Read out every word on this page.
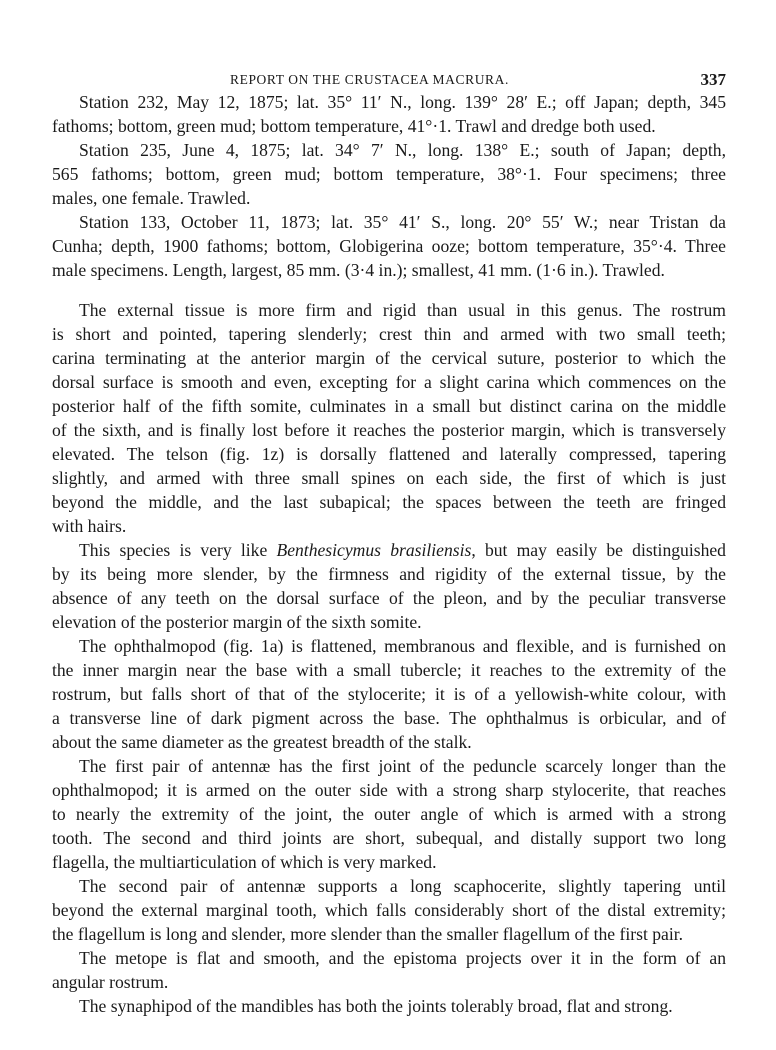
REPORT ON THE CRUSTACEA MACRURA.	337
Station 232, May 12, 1875; lat. 35° 11′ N., long. 139° 28′ E.; off Japan; depth, 345
fathoms; bottom, green mud; bottom temperature, 41°·1. Trawl and dredge both used.
Station 235, June 4, 1875; lat. 34° 7′ N., long. 138° E.; south of Japan; depth,
565 fathoms; bottom, green mud; bottom temperature, 38°·1. Four specimens; three
males, one female. Trawled.
Station 133, October 11, 1873; lat. 35° 41′ S., long. 20° 55′ W.; near Tristan da
Cunha; depth, 1900 fathoms; bottom, Globigerina ooze; bottom temperature, 35°·4. Three
male specimens. Length, largest, 85 mm. (3·4 in.); smallest, 41 mm. (1·6 in.). Trawled.
The external tissue is more firm and rigid than usual in this genus. The rostrum
is short and pointed, tapering slenderly; crest thin and armed with two small teeth;
carina terminating at the anterior margin of the cervical suture, posterior to which the
dorsal surface is smooth and even, excepting for a slight carina which commences on the
posterior half of the fifth somite, culminates in a small but distinct carina on the middle
of the sixth, and is finally lost before it reaches the posterior margin, which is transversely
elevated. The telson (fig. 1z) is dorsally flattened and laterally compressed, tapering
slightly, and armed with three small spines on each side, the first of which is just
beyond the middle, and the last subapical; the spaces between the teeth are fringed
with hairs.
This species is very like Benthesicymus brasiliensis, but may easily be distinguished
by its being more slender, by the firmness and rigidity of the external tissue, by the
absence of any teeth on the dorsal surface of the pleon, and by the peculiar transverse
elevation of the posterior margin of the sixth somite.
The ophthalmopod (fig. 1a) is flattened, membranous and flexible, and is furnished on
the inner margin near the base with a small tubercle; it reaches to the extremity of the
rostrum, but falls short of that of the stylocerite; it is of a yellowish-white colour, with
a transverse line of dark pigment across the base. The ophthalmus is orbicular, and of
about the same diameter as the greatest breadth of the stalk.
The first pair of antennæ has the first joint of the peduncle scarcely longer than the
ophthalmopod; it is armed on the outer side with a strong sharp stylocerite, that reaches
to nearly the extremity of the joint, the outer angle of which is armed with a strong
tooth. The second and third joints are short, subequal, and distally support two long
flagella, the multiarticulation of which is very marked.
The second pair of antennæ supports a long scaphocerite, slightly tapering until
beyond the external marginal tooth, which falls considerably short of the distal extremity;
the flagellum is long and slender, more slender than the smaller flagellum of the first pair.
The metope is flat and smooth, and the epistoma projects over it in the form of an
angular rostrum.
The synaphipod of the mandibles has both the joints tolerably broad, flat and strong.
